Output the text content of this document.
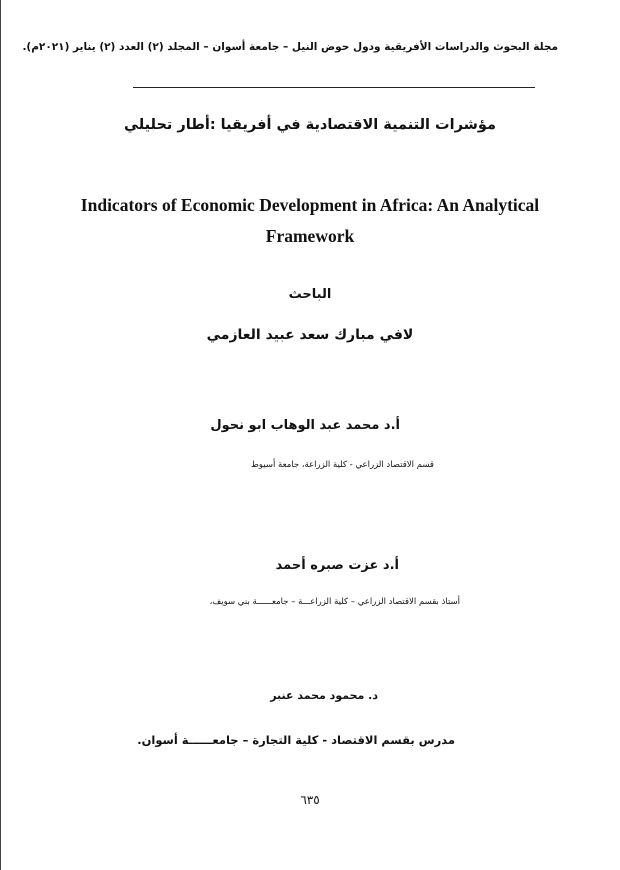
مجلة البحوث والدراسات الأفريقية ودول حوض النيل – جامعة أسوان – المجلد (٢) العدد (٢) يناير (٢٠٢١م).
مؤشرات التنمية الاقتصادية في أفريقيا :أطار تحليلي
Indicators of Economic Development in Africa: An Analytical Framework
الباحث
لافي مبارك سعد عبيد العازمي
أ.د محمد عبد الوهاب ابو نحول
قسم الاقتصاد الزراعي - كلية الزراعة، جامعة أسيوط
أ.د عزت صبره أحمد
أستاذ بقسم الاقتصاد الزراعي – كلية الزراعـــة – جامعــــــة بني سويف،
د. محمود محمد عنبر
مدرس بقسم الاقتصاد - كلية التجارة – جامعــــــة أسوان.
٦٣٥
